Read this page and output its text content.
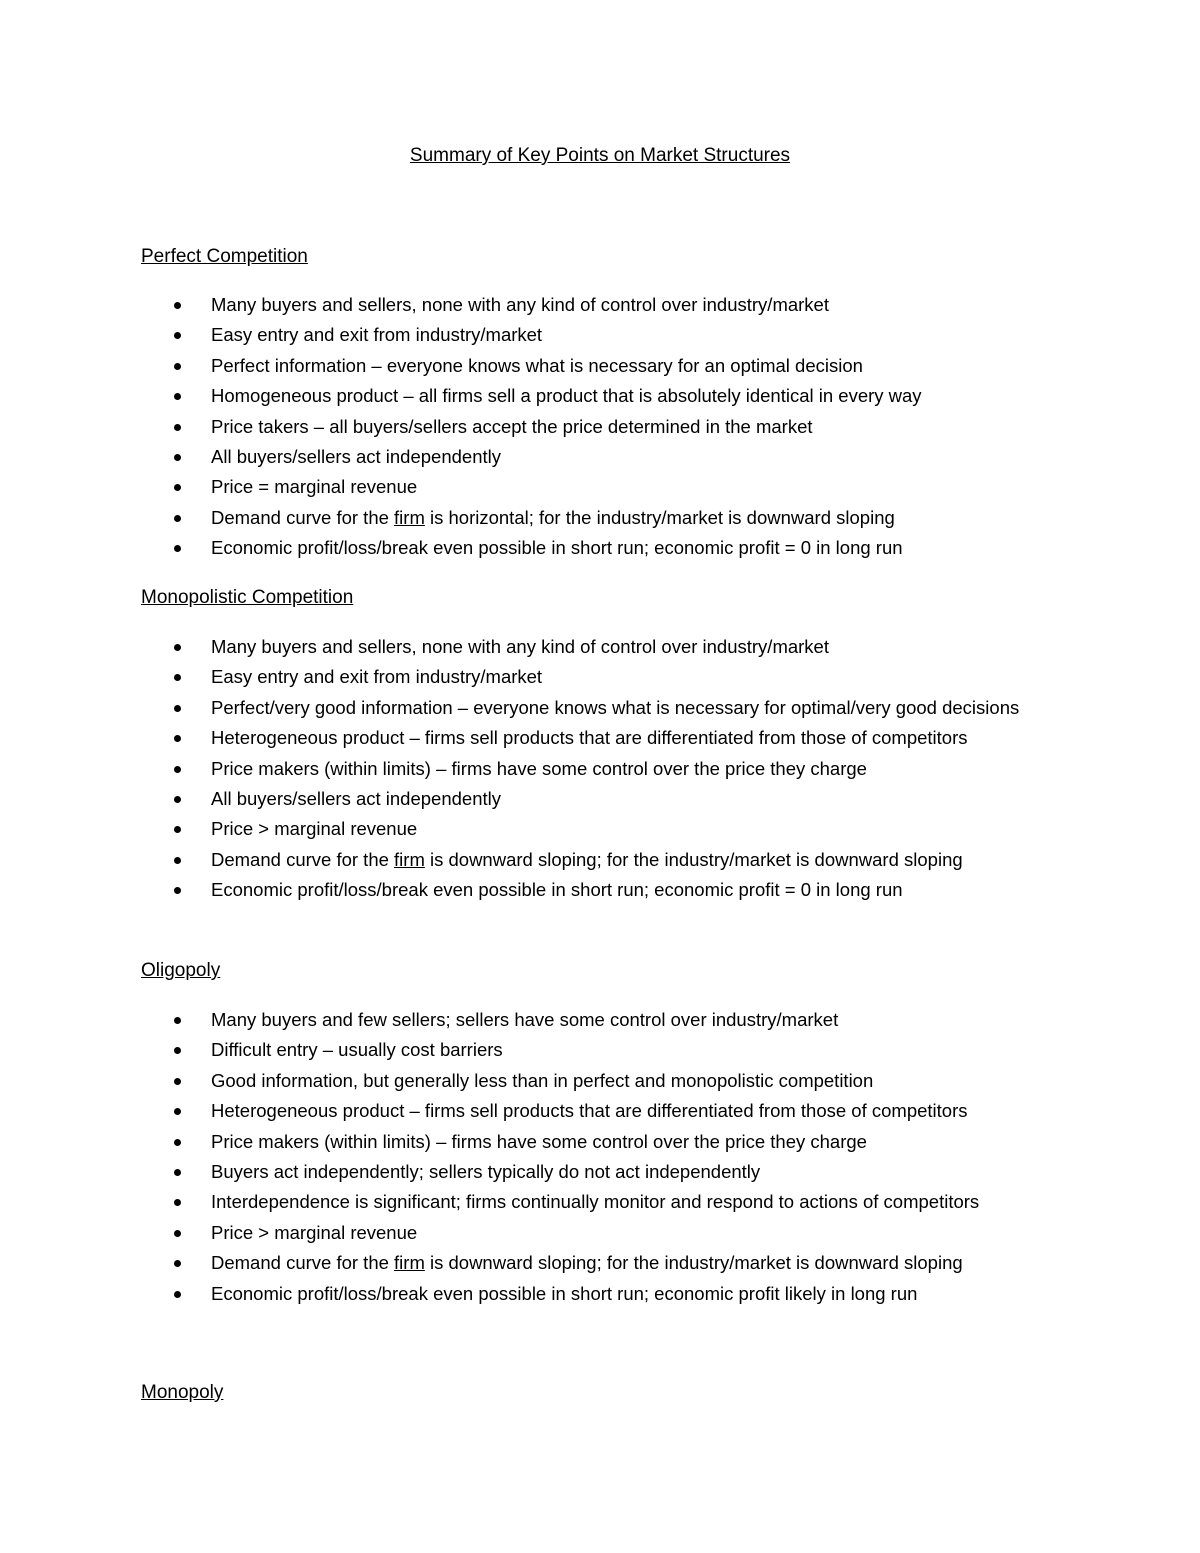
Summary of Key Points on Market Structures
Perfect Competition
Many buyers and sellers, none with any kind of control over industry/market
Easy entry and exit from industry/market
Perfect information – everyone knows what is necessary for an optimal decision
Homogeneous product – all firms sell a product that is absolutely identical in every way
Price takers – all buyers/sellers accept the price determined in the market
All buyers/sellers act independently
Price = marginal revenue
Demand curve for the firm is horizontal; for the industry/market is downward sloping
Economic profit/loss/break even possible in short run; economic profit = 0 in long run
Monopolistic Competition
Many buyers and sellers, none with any kind of control over industry/market
Easy entry and exit from industry/market
Perfect/very good information – everyone knows what is necessary for optimal/very good decisions
Heterogeneous product – firms sell products that are differentiated from those of competitors
Price makers (within limits) – firms have some control over the price they charge
All buyers/sellers act independently
Price > marginal revenue
Demand curve for the firm is downward sloping; for the industry/market is downward sloping
Economic profit/loss/break even possible in short run; economic profit = 0 in long run
Oligopoly
Many buyers and few sellers; sellers have some control over industry/market
Difficult entry – usually cost barriers
Good information, but generally less than in perfect and monopolistic competition
Heterogeneous product – firms sell products that are differentiated from those of competitors
Price makers (within limits) – firms have some control over the price they charge
Buyers act independently; sellers typically do not act independently
Interdependence is significant; firms continually monitor and respond to actions of competitors
Price > marginal revenue
Demand curve for the firm is downward sloping; for the industry/market is downward sloping
Economic profit/loss/break even possible in short run; economic profit likely in long run
Monopoly
